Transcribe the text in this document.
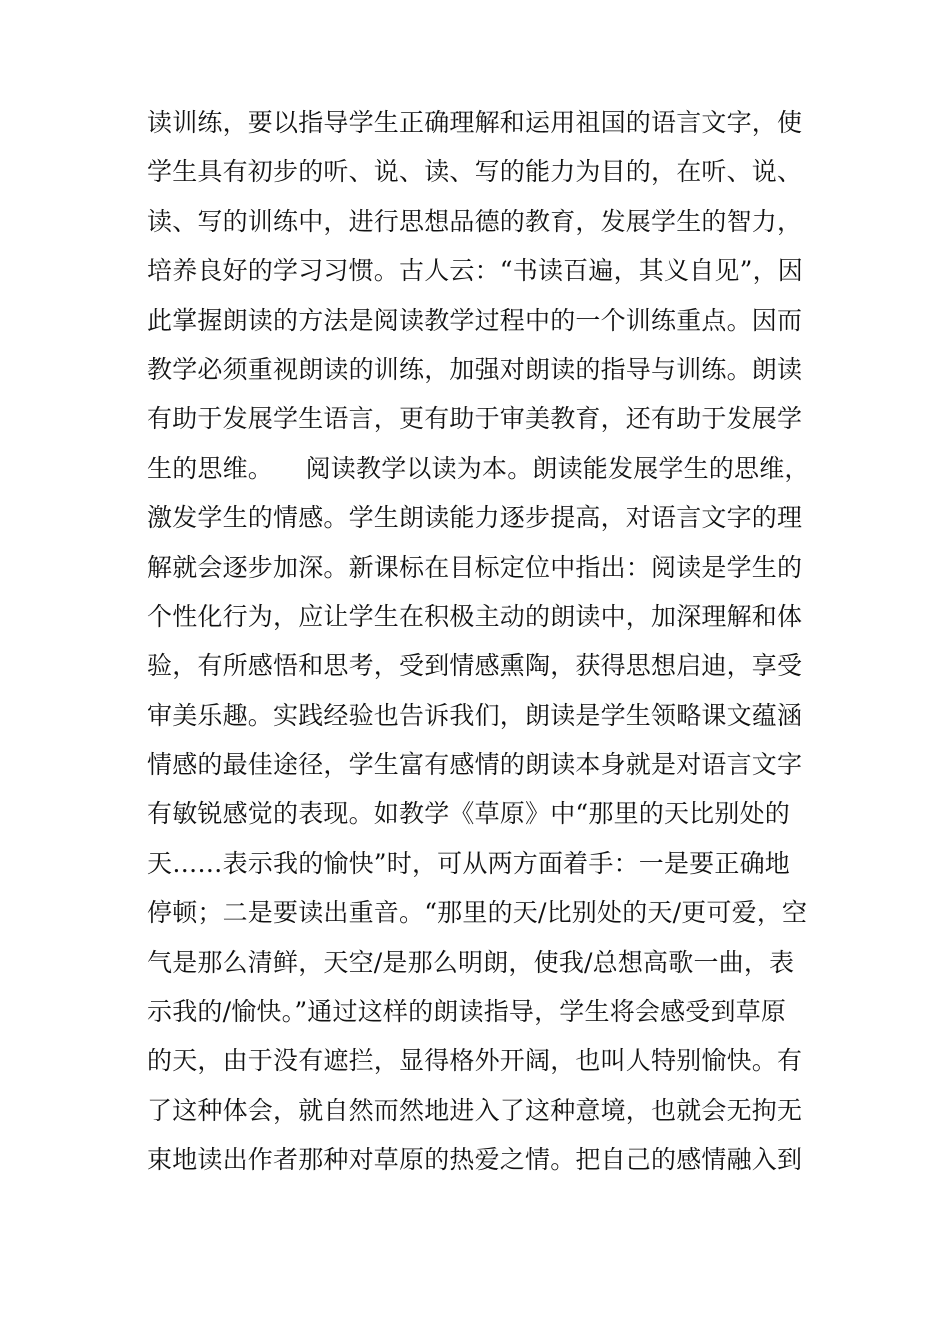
读训练，要以指导学生正确理解和运用祖国的语言文字，使
学生具有初步的听、说、读、写的能力为目的，在听、说、
读、写的训练中，进行思想品德的教育，发展学生的智力，
培养良好的学习习惯。古人云：“书读百遍，其义自见”，因
此掌握朗读的方法是阅读教学过程中的一个训练重点。因而
教学必须重视朗读的训练，加强对朗读的指导与训练。朗读
有助于发展学生语言，更有助于审美教育，还有助于发展学
生的思维。    阅读教学以读为本。朗读能发展学生的思维，
激发学生的情感。学生朗读能力逐步提高，对语言文字的理
解就会逐步加深。新课标在目标定位中指出：阅读是学生的
个性化行为，应让学生在积极主动的朗读中，加深理解和体
验，有所感悟和思考，受到情感熏陶，获得思想启迪，享受
审美乐趣。实践经验也告诉我们，朗读是学生领略课文蕴涵
情感的最佳途径，学生富有感情的朗读本身就是对语言文字
有敏锐感觉的表现。如教学《草原》中“那里的天比别处的
天……表示我的愉快”时，可从两方面着手：一是要正确地
停顿；二是要读出重音。“那里的天/比别处的天/更可爱，空
气是那么清鲜，天空/是那么明朗，使我/总想高歌一曲，表
示我的/愉快。”通过这样的朗读指导，学生将会感受到草原
的天，由于没有遮拦，显得格外开阔，也叫人特别愉快。有
了这种体会，就自然而然地进入了这种意境，也就会无拘无
束地读出作者那种对草原的热爱之情。把自己的感情融入到
